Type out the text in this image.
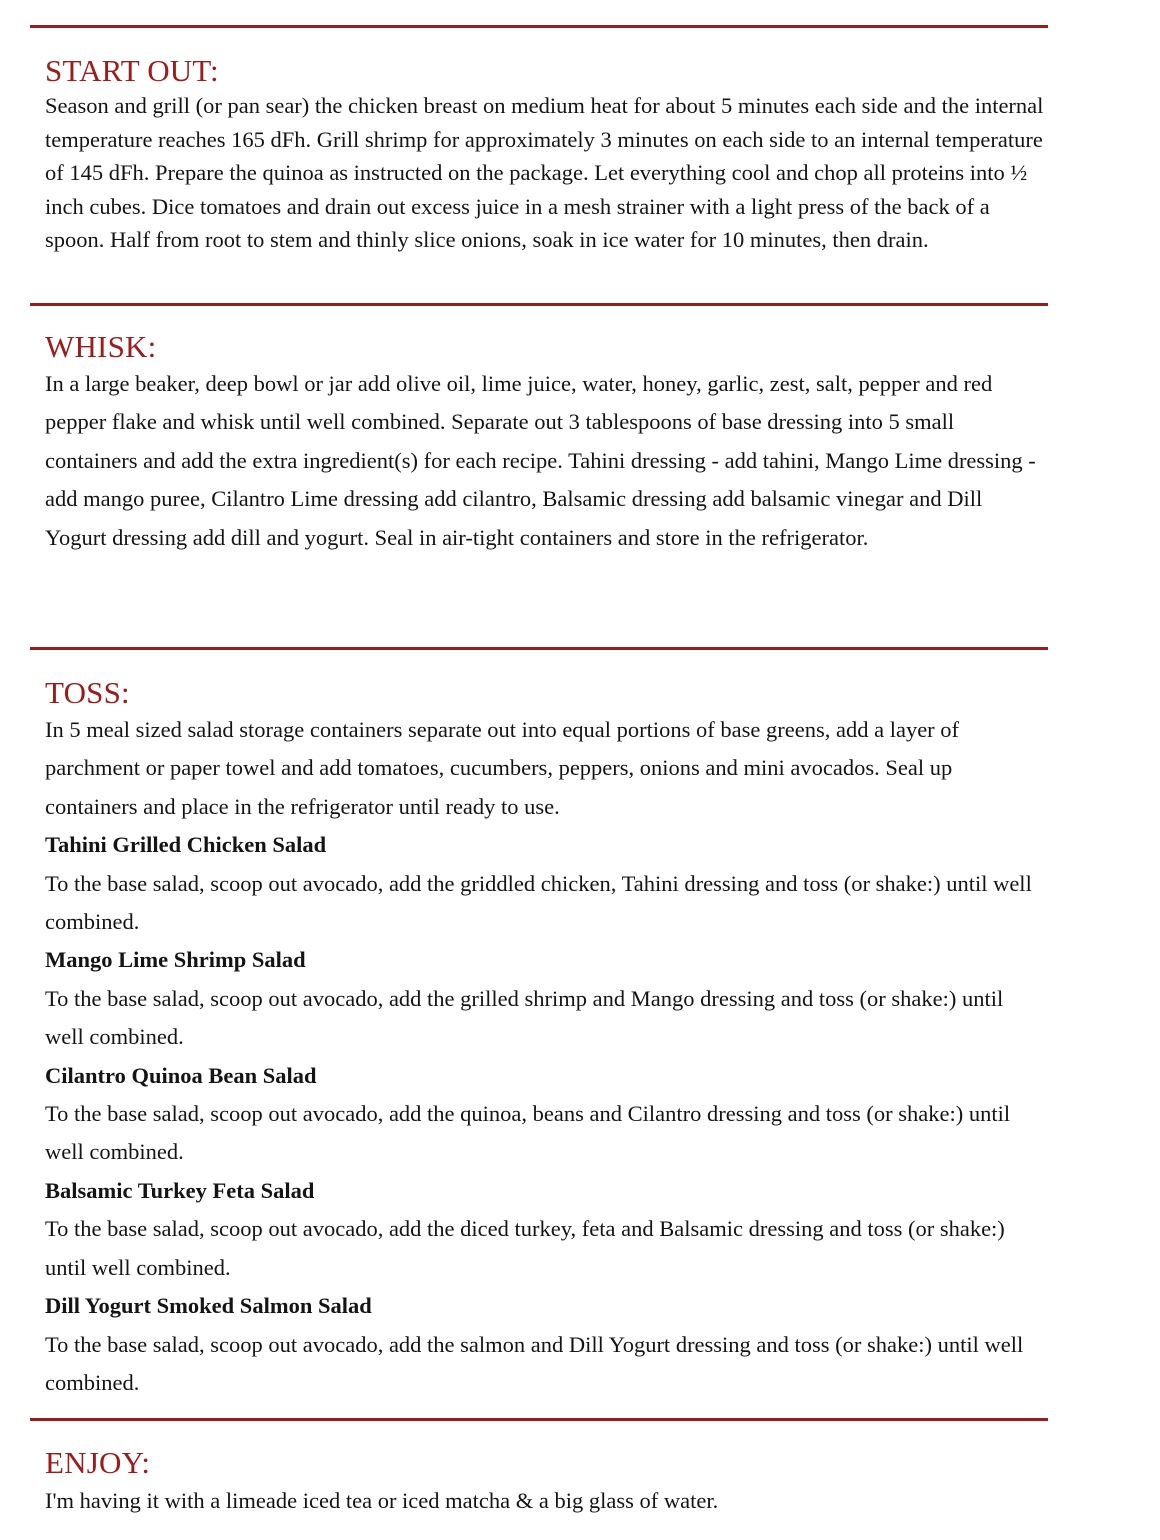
START OUT:

Season and grill (or pan sear) the chicken breast on medium heat for about 5 minutes each side and the internal temperature reaches 165 dFh. Grill shrimp for approximately 3 minutes on each side to an internal temperature of 145 dFh. Prepare the quinoa as instructed on the package. Let everything cool and chop all proteins into ½ inch cubes. Dice tomatoes and drain out excess juice in a mesh strainer with a light press of the back of a spoon. Half from root to stem and thinly slice onions, soak in ice water for 10 minutes, then drain.

WHISK:

In a large beaker, deep bowl or jar add olive oil, lime juice, water, honey, garlic, zest, salt, pepper and red pepper flake and whisk until well combined. Separate out 3 tablespoons of base dressing into 5 small containers and add the extra ingredient(s) for each recipe. Tahini dressing - add tahini, Mango Lime dressing - add mango puree, Cilantro Lime dressing add cilantro, Balsamic dressing add balsamic vinegar and Dill Yogurt dressing add dill and yogurt. Seal in air-tight containers and store in the refrigerator.

TOSS:
In 5 meal sized salad storage containers separate out into equal portions of base greens, add a layer of parchment or paper towel and add tomatoes, cucumbers, peppers, onions and mini avocados. Seal up containers and place in the refrigerator until ready to use.
Tahini Grilled Chicken Salad
To the base salad, scoop out avocado, add the griddled chicken, Tahini dressing and toss (or shake:) until well combined.
Mango Lime Shrimp Salad
To the base salad, scoop out avocado, add the grilled shrimp and Mango dressing and toss (or shake:) until well combined.
Cilantro Quinoa Bean Salad
To the base salad, scoop out avocado, add the quinoa, beans and Cilantro dressing and toss (or shake:) until well combined.
Balsamic Turkey Feta Salad
To the base salad, scoop out avocado, add the diced turkey, feta and Balsamic dressing and toss (or shake:) until well combined.
Dill Yogurt Smoked Salmon Salad
To the base salad, scoop out avocado, add the salmon and Dill Yogurt dressing and toss (or shake:) until well combined.
ENJOY:

I'm having it with a limeade iced tea or iced matcha & a big glass of water.
